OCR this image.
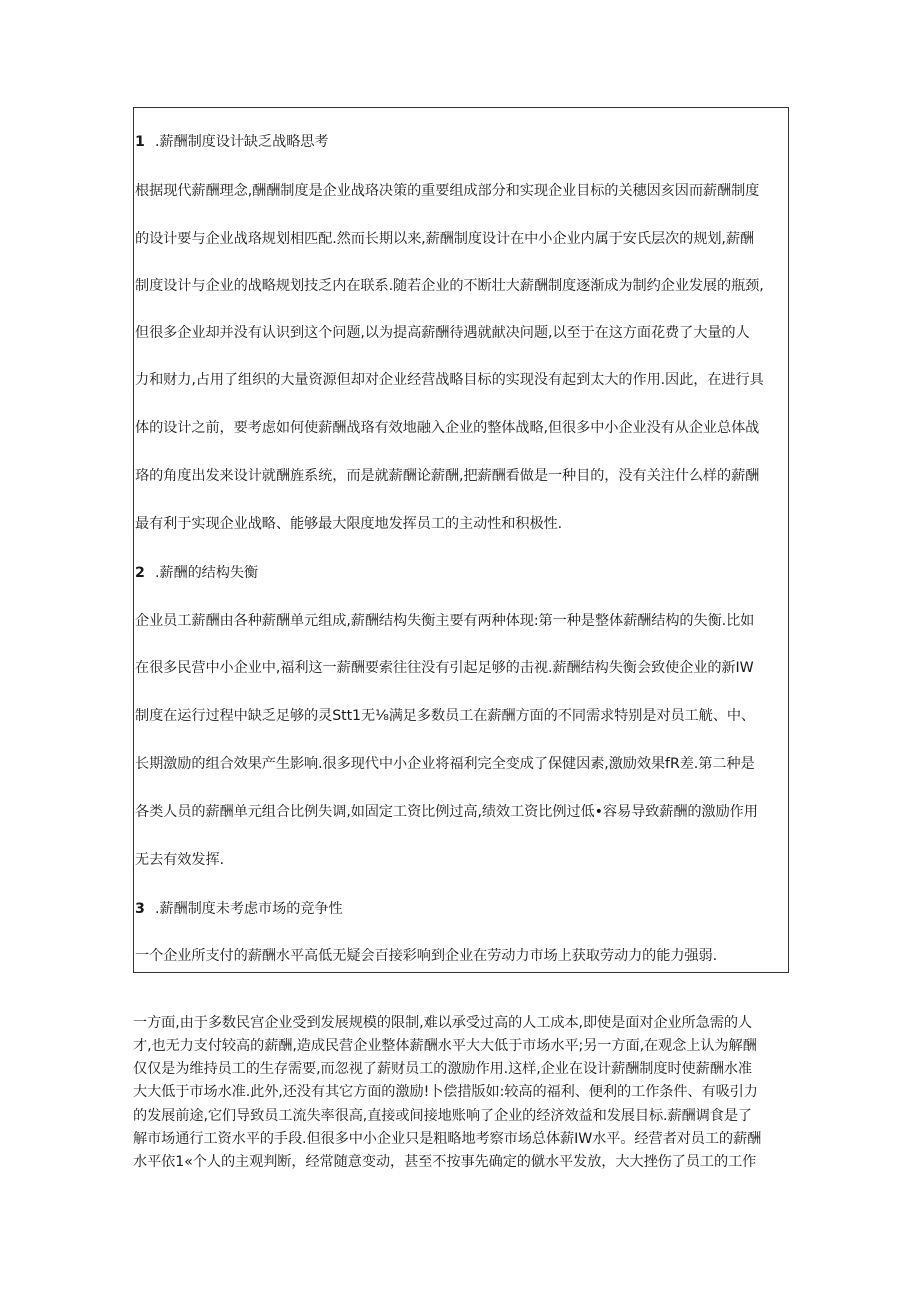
1 .薪酬制度设计缺乏战略思考
根据现代薪酬理念,酬酬制度是企业战珞决策的重要组成部分和实现企业目标的关穗因亥因而薪酬制度
的设计要与企业战珞规划相匹配.然而长期以来,薪酬制度设计在中小企业内属于安氏层次的规划,薪酬
制度设计与企业的战略规划技乏内在联系.随若企业的不断壮大薪酬制度逐渐成为制约企业发展的瓶颈,
但很多企业却并没有认识到这个问题,以为提高薪酬待遇就献决问题,以至于在这方面花费了大量的人
力和财力,占用了组织的大量资源但却对企业经营战略目标的实现没有起到太大的作用.因此，在进行具
体的设计之前，要考虑如何使薪酬战珞有效地融入企业的整体战略,但很多中小企业没有从企业总体战
珞的角度出发来设计就酬旌系统，而是就薪酬论薪酬,把薪酬看做是一种目的，没有关注什么样的薪酬
最有利于实现企业战略、能够最大限度地发挥员工的主动性和积极性.
2 .薪酬的结构失衡
企业员工薪酬由各种薪酬单元组成,薪酬结构失衡主要有两种体现:第一种是整体薪酬结构的失衡.比如
在很多民营中小企业中,福利这一薪酬要索往往没有引起足够的击视.薪酬结构失衡会致使企业的新IW
制度在运行过程中缺乏足够的灵Stt1无⅛满足多数员工在薪酬方面的不同需求特别是对员工觥、中、
长期激励的组合效果产生影响.很多现代中小企业将福利完全变成了保健因素,激励效果fR差.第二种是
各类人员的薪酬单元组合比例失调,如固定工资比例过高,绩效工资比例过低•容易导致薪酬的激励作用
无去有效发挥.
3 .薪酬制度未考虑市场的竞争性
一个企业所支付的薪酬水平高低无疑会百接彩响到企业在劳动力市场上获取劳动力的能力强弱.
一方面,由于多数民宫企业受到发展规模的限制,难以承受过高的人工成本,即使是面对企业所急需的人
才,也无力支付较高的薪酬,造成民营企业整体薪酬水平大大低于市场水平;另一方面,在观念上认为解酬
仅仅是为维持员工的生存需要,而忽视了薪财员工的激励作用.这样,企业在设计薪酬制度时使薪酬水准
大大低于市场水准.此外,还没有其它方面的激励!卜偿措版如:较高的福利、便利的工作条件、有吸引力
的发展前途,它们导致员工流失率很高,直接或间接地账响了企业的经济效益和发展目标.薪酬调食是了
解市场通行工资水平的手段.但很多中小企业只是粗略地考察市场总体薪IW水平。经营者对员工的薪酬
水平依1«个人的主观判断，经常随意变动，甚至不按事先确定的僦水平发放，大大挫伤了员工的工作
